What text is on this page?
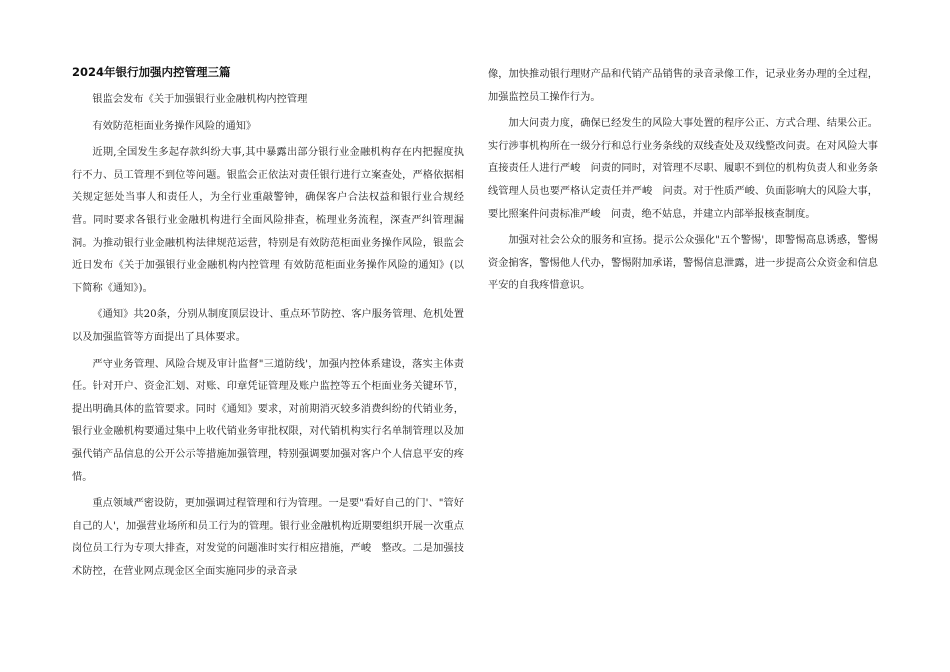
2024年银行加强内控管理三篇

银监会发布《关于加强银行业金融机构内控管理

有效防范柜面业务操作风险的通知》

近期,全国发生多起存款纠纷大事,其中暴露出部分银行业金融机构存在内把握度执行不力、员工管理不到位等问题。银监会正依法对责任银行进行立案查处，严格依据相关规定惩处当事人和责任人，为全行业重敲警钟，确保客户合法权益和银行业合规经营。同时要求各银行业金融机构进行全面风险排查，梳理业务流程，深查严纠管理漏洞。为推动银行业金融机构法律规范运营，特别是有效防范柜面业务操作风险，银监会近日发布《关于加强银行业金融机构内控管理 有效防范柜面业务操作风险的通知》(以下简称《通知》)。

《通知》共20条，分别从制度顶层设计、重点环节防控、客户服务管理、危机处置以及加强监管等方面提出了具体要求。

严守业务管理、风险合规及审计监督"三道防线'，加强内控体系建设，落实主体责任。针对开户、资金汇划、对账、印章凭证管理及账户监控等五个柜面业务关键环节，提出明确具体的监管要求。同时《通知》要求，对前期消灭较多消费纠纷的代销业务，银行业金融机构要通过集中上收代销业务审批权限，对代销机构实行名单制管理以及加强代销产品信息的公开公示等措施加强管理，特别强调要加强对客户个人信息平安的疼惜。

重点领域严密设防，更加强调过程管理和行为管理。一是要"看好自己的门'、"管好自己的人'，加强营业场所和员工行为的管理。银行业金融机构近期要组织开展一次重点岗位员工行为专项大排查，对发觉的问题准时实行相应措施，严峻　整改。二是加强技术防控，在营业网点现金区全面实施同步的录音录

像，加快推动银行理财产品和代销产品销售的录音录像工作，记录业务办理的全过程，加强监控员工操作行为。

加大问责力度，确保已经发生的风险大事处置的程序公正、方式合理、结果公正。实行涉事机构所在一级分行和总行业务条线的双线查处及双线整改问责。在对风险大事直接责任人进行严峻　问责的同时，对管理不尽职、履职不到位的机构负责人和业务条线管理人员也要严格认定责任并严峻　问责。对于性质严峻、负面影响大的风险大事，要比照案件问责标准严峻　问责，绝不姑息，并建立内部举报核查制度。

加强对社会公众的服务和宣扬。提示公众强化"五个警惕'，即警惕高息诱惑，警惕资金掮客，警惕他人代办，警惕附加承诺，警惕信息泄露，进一步提高公众资金和信息平安的自我疼惜意识。
